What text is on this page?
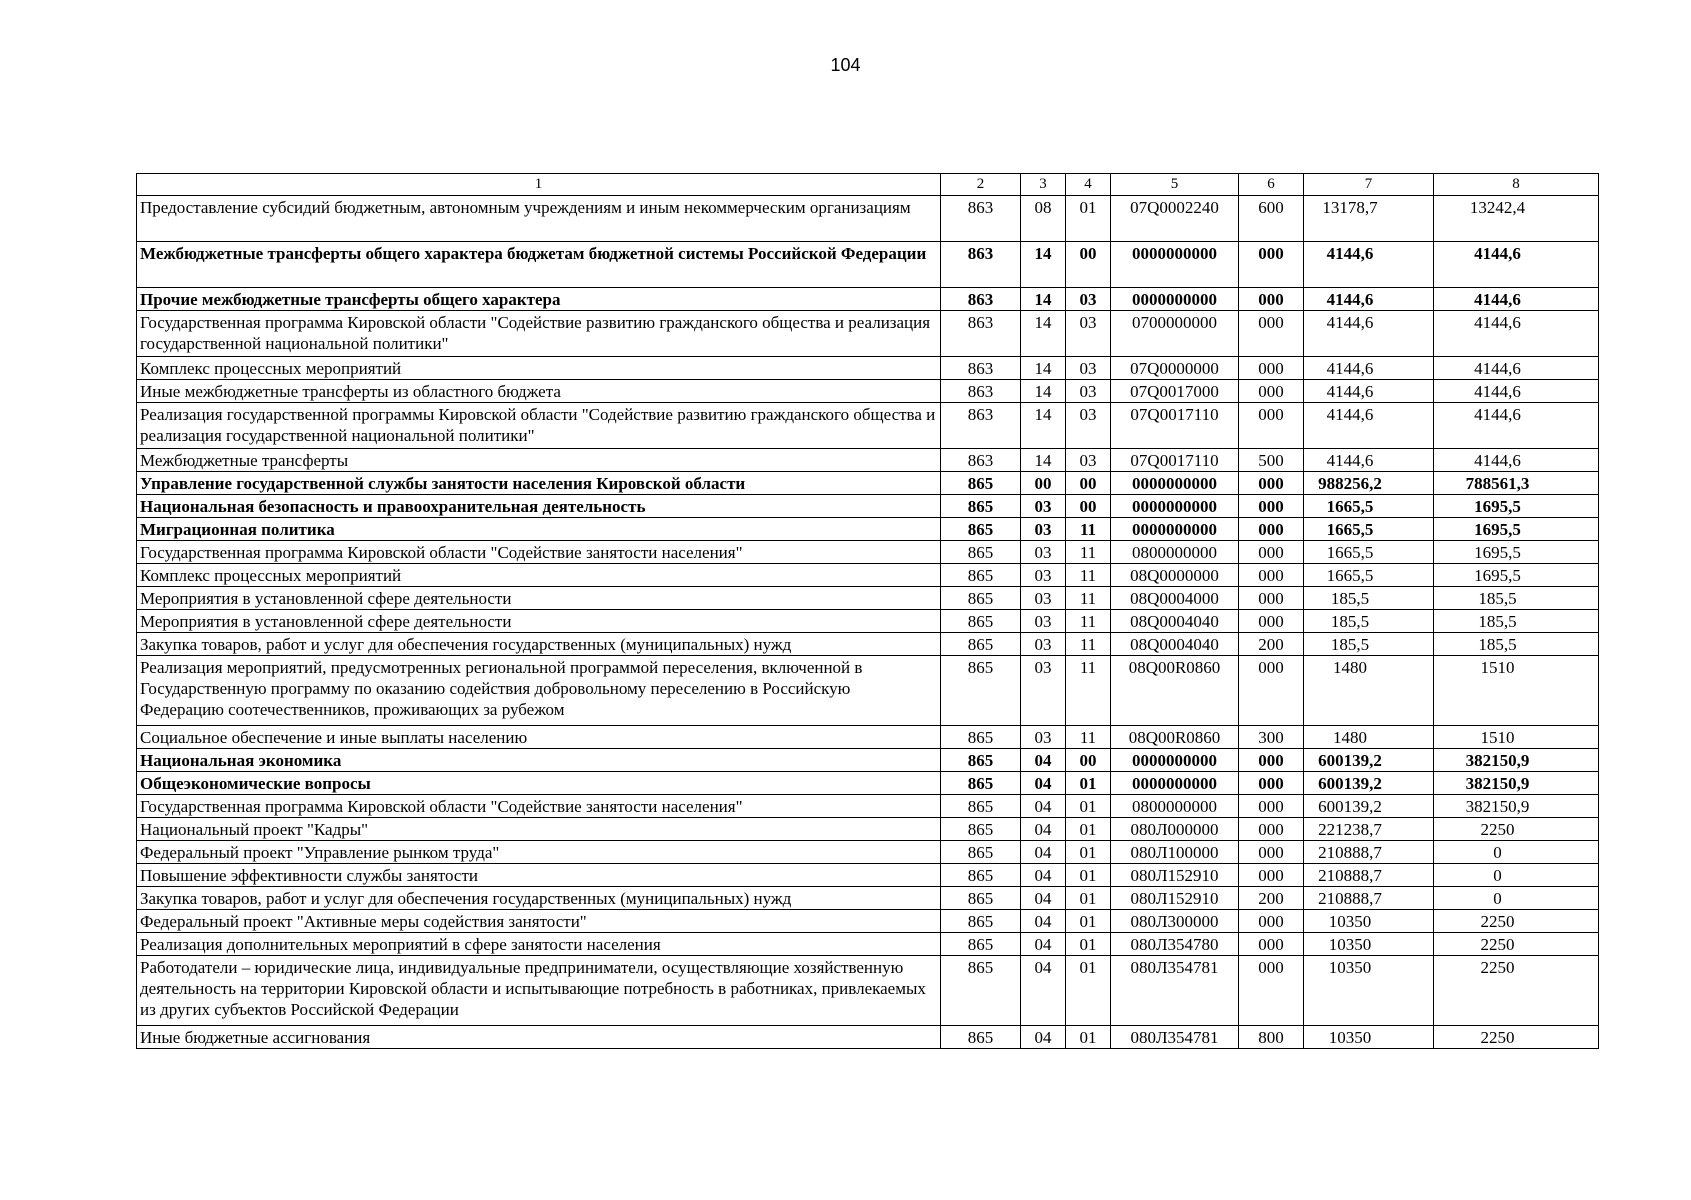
104
1	2	3	4	5	6	7	8
Предоставление субсидий бюджетным, автономным учреждениям и иным некоммерческим организациям	863	08	01	07Q0002240	600	13178,7	13242,4
Межбюджетные трансферты общего характера бюджетам бюджетной системы Российской Федерации	863	14	00	0000000000	000	4144,6	4144,6
Прочие межбюджетные трансферты общего характера	863	14	03	0000000000	000	4144,6	4144,6
Государственная программа Кировской области "Содействие развитию гражданского общества и реализация государственной национальной политики"	863	14	03	0700000000	000	4144,6	4144,6
Комплекс процессных мероприятий	863	14	03	07Q0000000	000	4144,6	4144,6
Иные межбюджетные трансферты из областного бюджета	863	14	03	07Q0017000	000	4144,6	4144,6
Реализация государственной программы Кировской области "Содействие развитию гражданского общества и реализация государственной национальной политики"	863	14	03	07Q0017110	000	4144,6	4144,6
Межбюджетные трансферты	863	14	03	07Q0017110	500	4144,6	4144,6
Управление государственной службы занятости населения Кировской области	865	00	00	0000000000	000	988256,2	788561,3
Национальная безопасность и правоохранительная деятельность	865	03	00	0000000000	000	1665,5	1695,5
Миграционная политика	865	03	11	0000000000	000	1665,5	1695,5
Государственная программа Кировской области "Содействие занятости населения"	865	03	11	0800000000	000	1665,5	1695,5
Комплекс процессных мероприятий	865	03	11	08Q0000000	000	1665,5	1695,5
Мероприятия в установленной сфере деятельности	865	03	11	08Q0004000	000	185,5	185,5
Мероприятия в установленной сфере деятельности	865	03	11	08Q0004040	000	185,5	185,5
Закупка товаров, работ и услуг для обеспечения государственных (муниципальных) нужд	865	03	11	08Q0004040	200	185,5	185,5
Реализация мероприятий, предусмотренных региональной программой переселения, включенной в Государственную программу по оказанию содействия добровольному переселению в Российскую Федерацию соотечественников, проживающих за рубежом	865	03	11	08Q00R0860	000	1480	1510
Социальное обеспечение и иные выплаты населению	865	03	11	08Q00R0860	300	1480	1510
Национальная экономика	865	04	00	0000000000	000	600139,2	382150,9
Общеэкономические вопросы	865	04	01	0000000000	000	600139,2	382150,9
Государственная программа Кировской области "Содействие занятости населения"	865	04	01	0800000000	000	600139,2	382150,9
Национальный проект "Кадры"	865	04	01	080Л000000	000	221238,7	2250
Федеральный проект "Управление рынком труда"	865	04	01	080Л100000	000	210888,7	0
Повышение эффективности службы занятости	865	04	01	080Л152910	000	210888,7	0
Закупка товаров, работ и услуг для обеспечения государственных (муниципальных) нужд	865	04	01	080Л152910	200	210888,7	0
Федеральный проект "Активные меры содействия занятости"	865	04	01	080Л300000	000	10350	2250
Реализация дополнительных мероприятий в сфере занятости населения	865	04	01	080Л354780	000	10350	2250
Работодатели – юридические лица, индивидуальные предприниматели, осуществляющие хозяйственную деятельность на территории Кировской области и испытывающие потребность в работниках, привлекаемых из других субъектов Российской Федерации	865	04	01	080Л354781	000	10350	2250
Иные бюджетные ассигнования	865	04	01	080Л354781	800	10350	2250
